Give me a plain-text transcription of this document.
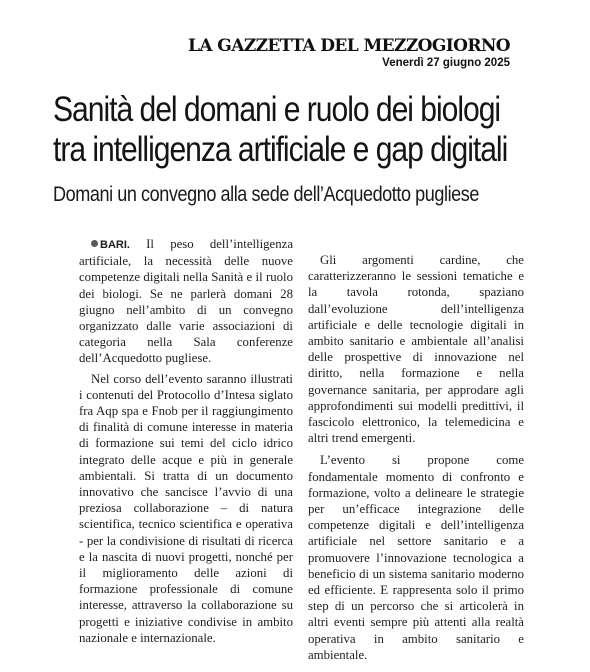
LA GAZZETTA DEL MEZZOGIORNO
Venerdì 27 giugno 2025
Sanità del domani e ruolo dei biologi
tra intelligenza artificiale e gap digitali
Domani un convegno alla sede dell’Acquedotto pugliese

BARI. Il peso dell’intelligenza artificiale, la necessità delle nuove competenze digitali nella Sanità e il ruolo dei biologi. Se ne parlerà domani 28 giugno nell’ambito di un convegno organizzato dalle varie associazioni di categoria nella Sala conferenze dell’Acquedotto pugliese.

Nel corso dell’evento saranno illustrati i contenuti del Protocollo d’Intesa siglato fra Aqp spa e Fnob per il raggiungimento di finalità di comune interesse in materia di formazione sui temi del ciclo idrico integrato delle acque e più in generale ambientali. Si tratta di un documento innovativo che sancisce l’avvio di una preziosa collaborazione – di natura scientifica, tecnico scientifica e operativa - per la condivisione di risultati di ricerca e la nascita di nuovi progetti, nonché per il miglioramento delle azioni di formazione professionale di comune interesse, attraverso la collaborazione su progetti e iniziative condivise in ambito nazionale e internazionale.

Gli argomenti cardine, che caratterizzeranno le sessioni tematiche e la tavola rotonda, spaziano dall’evoluzione dell’intelligenza artificiale e delle tecnologie digitali in ambito sanitario e ambientale all’analisi delle prospettive di innovazione nel diritto, nella formazione e nella governance sanitaria, per approdare agli approfondimenti sui modelli predittivi, il fascicolo elettronico, la telemedicina e altri trend emergenti.

L’evento si propone come fondamentale momento di confronto e formazione, volto a delineare le strategie per un’efficace integrazione delle competenze digitali e dell’intelligenza artificiale nel settore sanitario e a promuovere l’innovazione tecnologica a beneficio di un sistema sanitario moderno ed efficiente. E rappresenta solo il primo step di un percorso che si articolerà in altri eventi sempre più attenti alla realtà operativa in ambito sanitario e ambientale.
